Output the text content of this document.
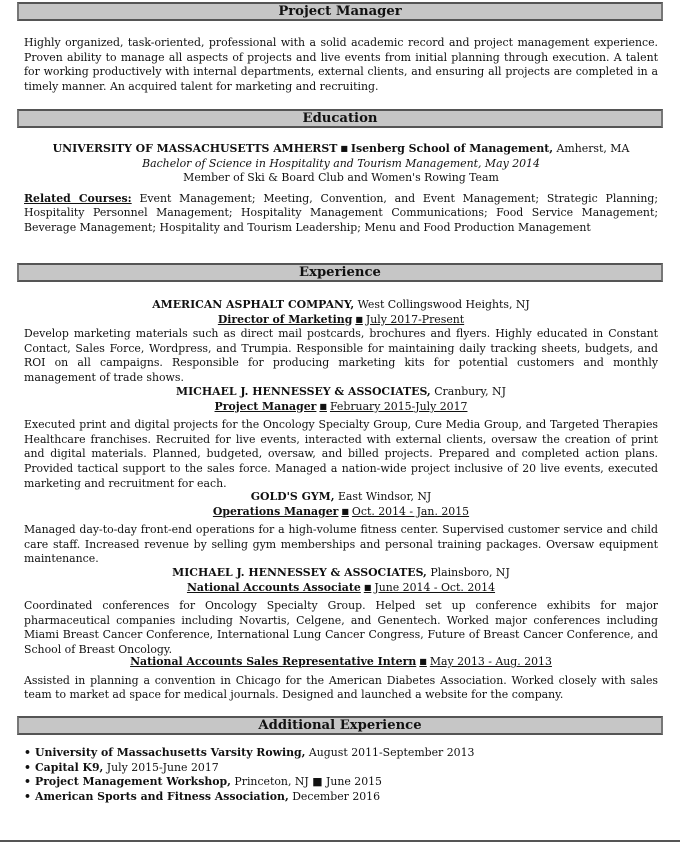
Project Manager

Highly organized, task-oriented, professional with a solid academic record and project management experience. Proven ability to manage all aspects of projects and live events from initial planning through execution. A talent for working productively with internal departments, external clients, and ensuring all projects are completed in a timely manner. An acquired talent for marketing and recruiting.

Education

UNIVERSITY OF MASSACHUSETTS AMHERST ■ Isenberg School of Management, Amherst, MA

Bachelor of Science in Hospitality and Tourism Management, May 2014

Member of Ski & Board Club and Women's Rowing Team

Related Courses: Event Management; Meeting, Convention, and Event Management; Strategic Planning; Hospitality Personnel Management; Hospitality Management Communications; Food Service Management; Beverage Management; Hospitality and Tourism Leadership; Menu and Food Production Management

Experience

AMERICAN ASPHALT COMPANY, West Collingswood Heights, NJ

Director of Marketing ■ July 2017-Present

Develop marketing materials such as direct mail postcards, brochures and flyers. Highly educated in Constant Contact, Sales Force, Wordpress, and Trumpia. Responsible for maintaining daily tracking sheets, budgets, and ROI on all campaigns. Responsible for producing marketing kits for potential customers and monthly management of trade shows.

MICHAEL J. HENNESSEY & ASSOCIATES, Cranbury, NJ

Project Manager ■ February 2015-July 2017

Executed print and digital projects for the Oncology Specialty Group, Cure Media Group, and Targeted Therapies Healthcare franchises. Recruited for live events, interacted with external clients, oversaw the creation of print and digital materials. Planned, budgeted, oversaw, and billed projects. Prepared and completed action plans. Provided tactical support to the sales force. Managed a nation-wide project inclusive of 20 live events, executed marketing and recruitment for each.

GOLD'S GYM, East Windsor, NJ

Operations Manager ■ Oct. 2014 - Jan. 2015

Managed day-to-day front-end operations for a high-volume fitness center. Supervised customer service and child care staff. Increased revenue by selling gym memberships and personal training packages. Oversaw equipment maintenance.

MICHAEL J. HENNESSEY & ASSOCIATES, Plainsboro, NJ

National Accounts Associate ■ June 2014 - Oct. 2014

Coordinated conferences for Oncology Specialty Group. Helped set up conference exhibits for major pharmaceutical companies including Novartis, Celgene, and Genentech. Worked major conferences including Miami Breast Cancer Conference, International Lung Cancer Congress, Future of Breast Cancer Conference, and School of Breast Oncology.

National Accounts Sales Representative Intern ■ May 2013 - Aug. 2013

Assisted in planning a convention in Chicago for the American Diabetes Association. Worked closely with sales team to market ad space for medical journals. Designed and launched a website for the company.

Additional Experience
• University of Massachusetts Varsity Rowing, August 2011-September 2013
• Capital K9, July 2015-June 2017
• Project Management Workshop, Princeton, NJ ■ June 2015
• American Sports and Fitness Association, December 2016
